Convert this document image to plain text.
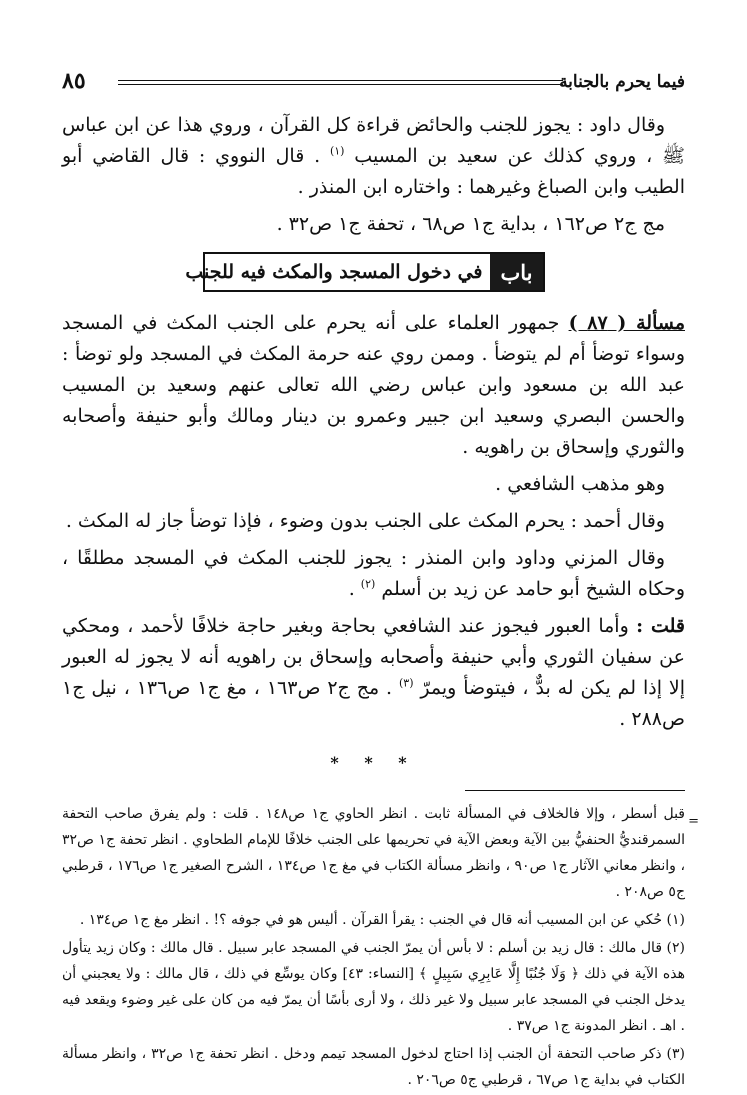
فيما يحرم بالجنابة
٨٥

وقال داود : يجوز للجنب والحائض قراءة كل القرآن ، وروي هذا عن ابن عباس ﷺ ، وروي كذلك عن سعيد بن المسيب $^{(١)}$ . قال النووي : قال القاضي أبو الطيب وابن الصباغ وغيرهما : واختاره ابن المنذر .

مج ج٢ ص١٦٢ ، بداية ج١ ص٦٨ ، تحفة ج١ ص٣٢ .

باب
في دخول المسجد والمكث فيه للجنب

مسألة ( ٨٧ ) جمهور العلماء على أنه يحرم على الجنب المكث في المسجد وسواء توضأ أم لم يتوضأ . وممن روي عنه حرمة المكث في المسجد ولو توضأ : عبد الله بن مسعود وابن عباس رضي الله تعالى عنهم وسعيد بن المسيب والحسن البصري وسعيد ابن جبير وعمرو بن دينار ومالك وأبو حنيفة وأصحابه والثوري وإسحاق بن راهويه .

وهو مذهب الشافعي .

وقال أحمد : يحرم المكث على الجنب بدون وضوء ، فإذا توضأ جاز له المكث .

وقال المزني وداود وابن المنذر : يجوز للجنب المكث في المسجد مطلقًا ، وحكاه الشيخ أبو حامد عن زيد بن أسلم $^{(٢)}$ .

قلت : وأما العبور فيجوز عند الشافعي بحاجة وبغير حاجة خلافًا لأحمد ، ومحكي عن سفيان الثوري وأبي حنيفة وأصحابه وإسحاق بن راهويه أنه لا يجوز له العبور إلا إذا لم يكن له بدٌّ ، فيتوضأ ويمرّ $^{(٣)}$ . مج ج٢ ص١٦٣ ، مغ ج١ ص١٣٦ ، نيل ج١ ص٢٨٨ .

* * *
=

قبل أسطر ، وإلا فالخلاف في المسألة ثابت . انظر الحاوي ج١ ص١٤٨ . قلت : ولم يفرق صاحب التحفة السمرقنديُّ الحنفيُّ بين الآية وبعض الآية في تحريمها على الجنب خلافًا للإمام الطحاوي . انظر تحفة ج١ ص٣٢ ، وانظر معاني الآثار ج١ ص٩٠ ، وانظر مسألة الكتاب في مغ ج١ ص١٣٤ ، الشرح الصغير ج١ ص١٧٦ ، قرطبي ج٥ ص٢٠٨ .

(١) حُكي عن ابن المسيب أنه قال في الجنب : يقرأ القرآن . أليس هو في جوفه ؟! . انظر مغ ج١ ص١٣٤ .

(٢) قال مالك : قال زيد بن أسلم : لا بأس أن يمرّ الجنب في المسجد عابر سبيل . قال مالك : وكان زيد يتأول هذه الآية في ذلك ﴿ وَلَا جُنُبًا إِلَّا عَابِرِي سَبِيلٍ ﴾ [النساء: ٤٣] وكان يوسِّع في ذلك ، قال مالك : ولا يعجبني أن يدخل الجنب في المسجد عابر سبيل ولا غير ذلك ، ولا أرى بأسًا أن يمرّ فيه من كان على غير وضوء ويقعد فيه . اهـ . انظر المدونة ج١ ص٣٧ .

(٣) ذكر صاحب التحفة أن الجنب إذا احتاج لدخول المسجد تيمم ودخل . انظر تحفة ج١ ص٣٢ ، وانظر مسألة الكتاب في بداية ج١ ص٦٧ ، قرطبي ج٥ ص٢٠٦ .
